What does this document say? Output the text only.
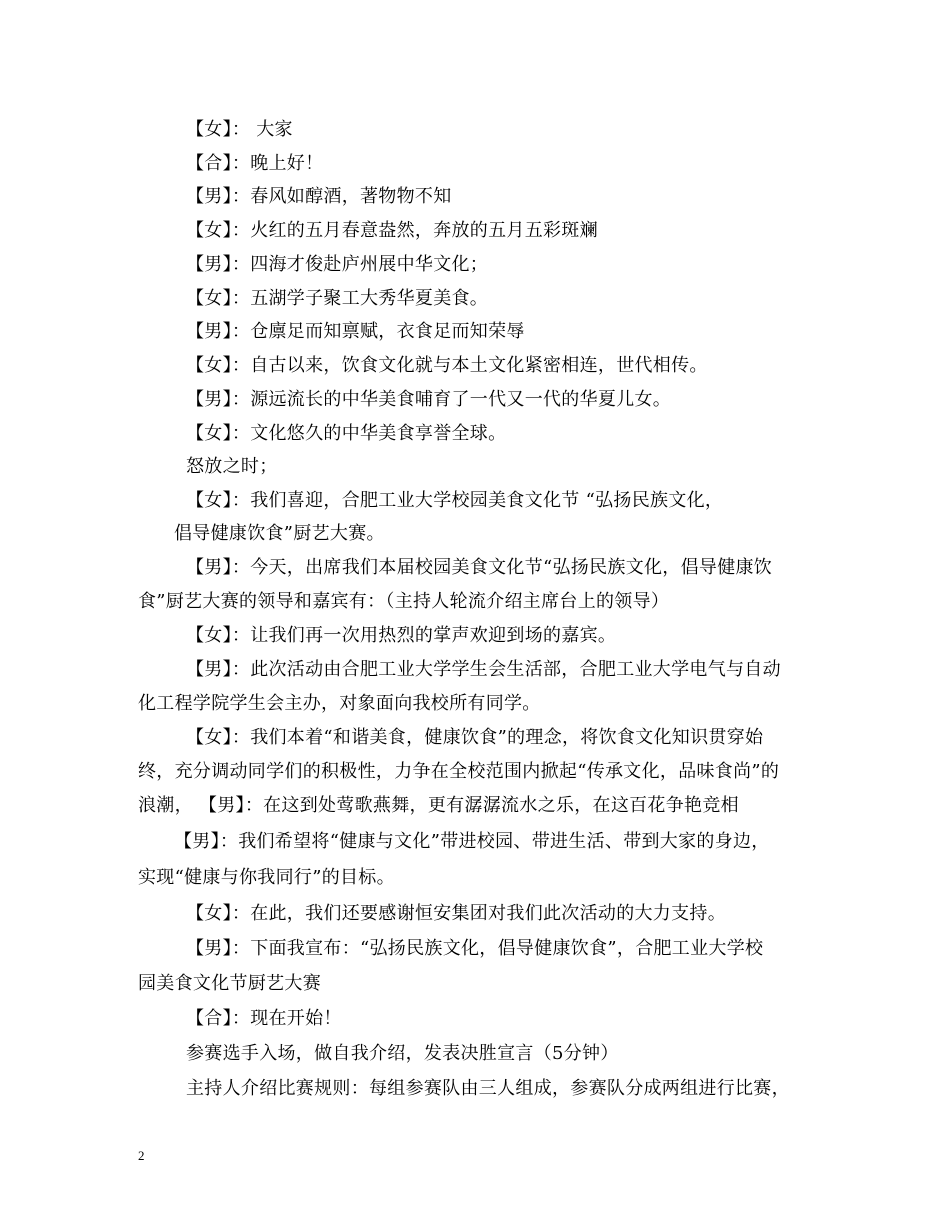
【女】： 大家
【合】：晚上好！
【男】：春风如醇酒，著物物不知
【女】：火红的五月春意盎然，奔放的五月五彩斑斓
【男】：四海才俊赴庐州展中华文化；
【女】：五湖学子聚工大秀华夏美食。
【男】：仓廪足而知禀赋，衣食足而知荣辱
【女】：自古以来，饮食文化就与本土文化紧密相连，世代相传。
【男】：源远流长的中华美食哺育了一代又一代的华夏儿女。
【女】：文化悠久的中华美食享誉全球。
怒放之时；
【女】：我们喜迎，合肥工业大学校园美食文化节 “弘扬民族文化，
倡导健康饮食”厨艺大赛。
【男】：今天，出席我们本届校园美食文化节“弘扬民族文化，倡导健康饮
食”厨艺大赛的领导和嘉宾有：（主持人轮流介绍主席台上的领导）
【女】：让我们再一次用热烈的掌声欢迎到场的嘉宾。
【男】：此次活动由合肥工业大学学生会生活部，合肥工业大学电气与自动
化工程学院学生会主办，对象面向我校所有同学。
【女】：我们本着“和谐美食，健康饮食”的理念，将饮食文化知识贯穿始
终，充分调动同学们的积极性，力争在全校范围内掀起“传承文化，品味食尚”的
浪潮， 【男】：在这到处莺歌燕舞，更有潺潺流水之乐，在这百花争艳竞相
【男】：我们希望将“健康与文化”带进校园、带进生活、带到大家的身边，
实现“健康与你我同行”的目标。
【女】：在此，我们还要感谢恒安集团对我们此次活动的大力支持。
【男】：下面我宣布：“弘扬民族文化，倡导健康饮食”，合肥工业大学校
园美食文化节厨艺大赛
【合】：现在开始！
参赛选手入场，做自我介绍，发表决胜宣言（5分钟）
主持人介绍比赛规则：每组参赛队由三人组成，参赛队分成两组进行比赛，
2
